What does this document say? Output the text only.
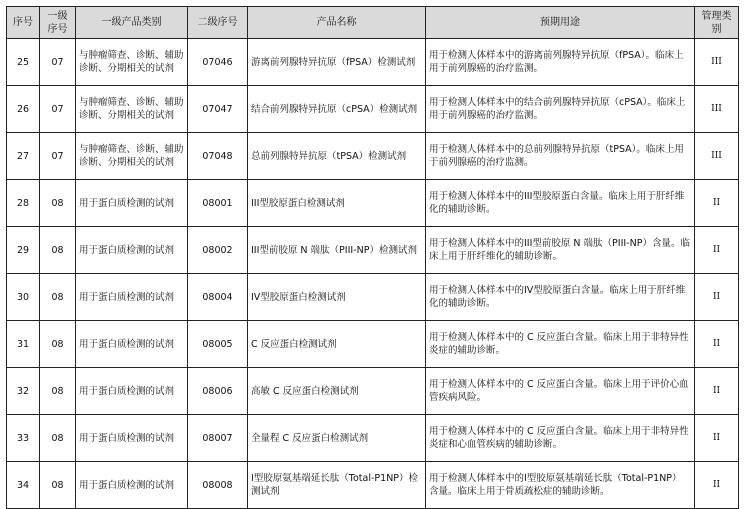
序号	一级序号	一级产品类别	二级序号	产品名称	预期用途	管理类别
25	07	与肿瘤筛查、诊断、辅助诊断、分期相关的试剂	07046	游离前列腺特异抗原（fPSA）检测试剂	用于检测人体样本中的游离前列腺特异抗原（fPSA）。临床上用于前列腺癌的治疗监测。	III
26	07	与肿瘤筛查、诊断、辅助诊断、分期相关的试剂	07047	结合前列腺特异抗原（cPSA）检测试剂	用于检测人体样本中的结合前列腺特异抗原（cPSA）。临床上用于前列腺癌的治疗监测。	III
27	07	与肿瘤筛查、诊断、辅助诊断、分期相关的试剂	07048	总前列腺特异抗原（tPSA）检测试剂	用于检测人体样本中的总前列腺特异抗原（tPSA）。临床上用于前列腺癌的治疗监测。	III
28	08	用于蛋白质检测的试剂	08001	III型胶原蛋白检测试剂	用于检测人体样本中的III型胶原蛋白含量。临床上用于肝纤维化的辅助诊断。	II
29	08	用于蛋白质检测的试剂	08002	III型前胶原 N 端肽（PIII-NP）检测试剂	用于检测人体样本中的III型前胶原 N 端肽（PIII-NP）含量。临床上用于肝纤维化的辅助诊断。	II
30	08	用于蛋白质检测的试剂	08004	IV型胶原蛋白检测试剂	用于检测人体样本中的IV型胶原蛋白含量。临床上用于肝纤维化的辅助诊断。	II
31	08	用于蛋白质检测的试剂	08005	C 反应蛋白检测试剂	用于检测人体样本中的 C 反应蛋白含量。临床上用于非特异性炎症的辅助诊断。	II
32	08	用于蛋白质检测的试剂	08006	高敏 C 反应蛋白检测试剂	用于检测人体样本中的 C 反应蛋白含量。临床上用于评价心血管疾病风险。	II
33	08	用于蛋白质检测的试剂	08007	全量程 C 反应蛋白检测试剂	用于检测人体样本中的 C 反应蛋白含量。临床上用于非特异性炎症和心血管疾病的辅助诊断。	II
34	08	用于蛋白质检测的试剂	08008	I型胶原氨基端延长肽（Total-P1NP）检测试剂	用于检测人体样本中的I型胶原氨基端延长肽（Total-P1NP）含量。临床上用于骨质疏松症的辅助诊断。	II
